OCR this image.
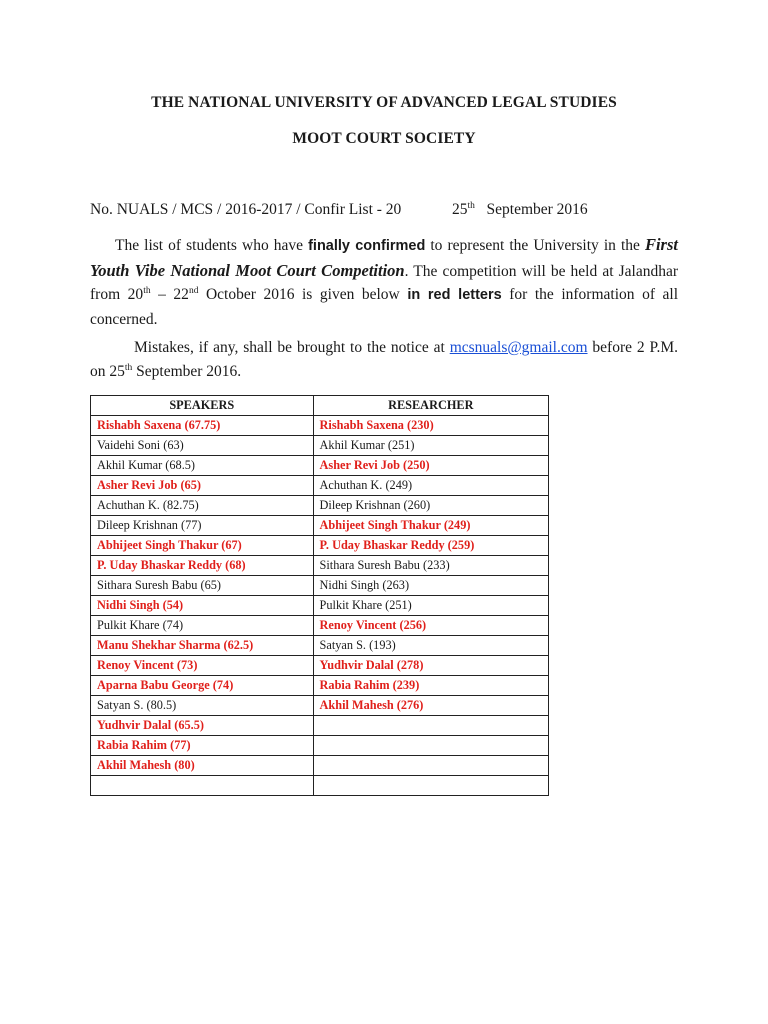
THE NATIONAL UNIVERSITY OF ADVANCED LEGAL STUDIES
MOOT COURT SOCIETY
No. NUALS / MCS / 2016-2017 / Confir List - 20	25th September 2016
The list of students who have finally confirmed to represent the University in the First Youth Vibe National Moot Court Competition. The competition will be held at Jalandhar from 20th – 22nd October 2016 is given below in red letters for the information of all concerned.
Mistakes, if any, shall be brought to the notice at mcsnuals@gmail.com before 2 P.M. on 25th September 2016.
SPEAKERS	RESEARCHER
Rishabh Saxena (67.75)	Rishabh Saxena (230)
Vaidehi Soni (63)	Akhil Kumar (251)
Akhil Kumar (68.5)	Asher Revi Job (250)
Asher Revi Job (65)	Achuthan K. (249)
Achuthan K. (82.75)	Dileep Krishnan (260)
Dileep Krishnan (77)	Abhijeet Singh Thakur (249)
Abhijeet Singh Thakur (67)	P. Uday Bhaskar Reddy (259)
P. Uday Bhaskar Reddy (68)	Sithara Suresh Babu (233)
Sithara Suresh Babu (65)	Nidhi Singh (263)
Nidhi Singh (54)	Pulkit Khare (251)
Pulkit Khare (74)	Renoy Vincent (256)
Manu Shekhar Sharma (62.5)	Satyan S. (193)
Renoy Vincent (73)	Yudhvir Dalal (278)
Aparna Babu George (74)	Rabia Rahim (239)
Satyan S. (80.5)	Akhil Mahesh (276)
Yudhvir Dalal (65.5)	
Rabia Rahim (77)	
Akhil Mahesh (80)	
